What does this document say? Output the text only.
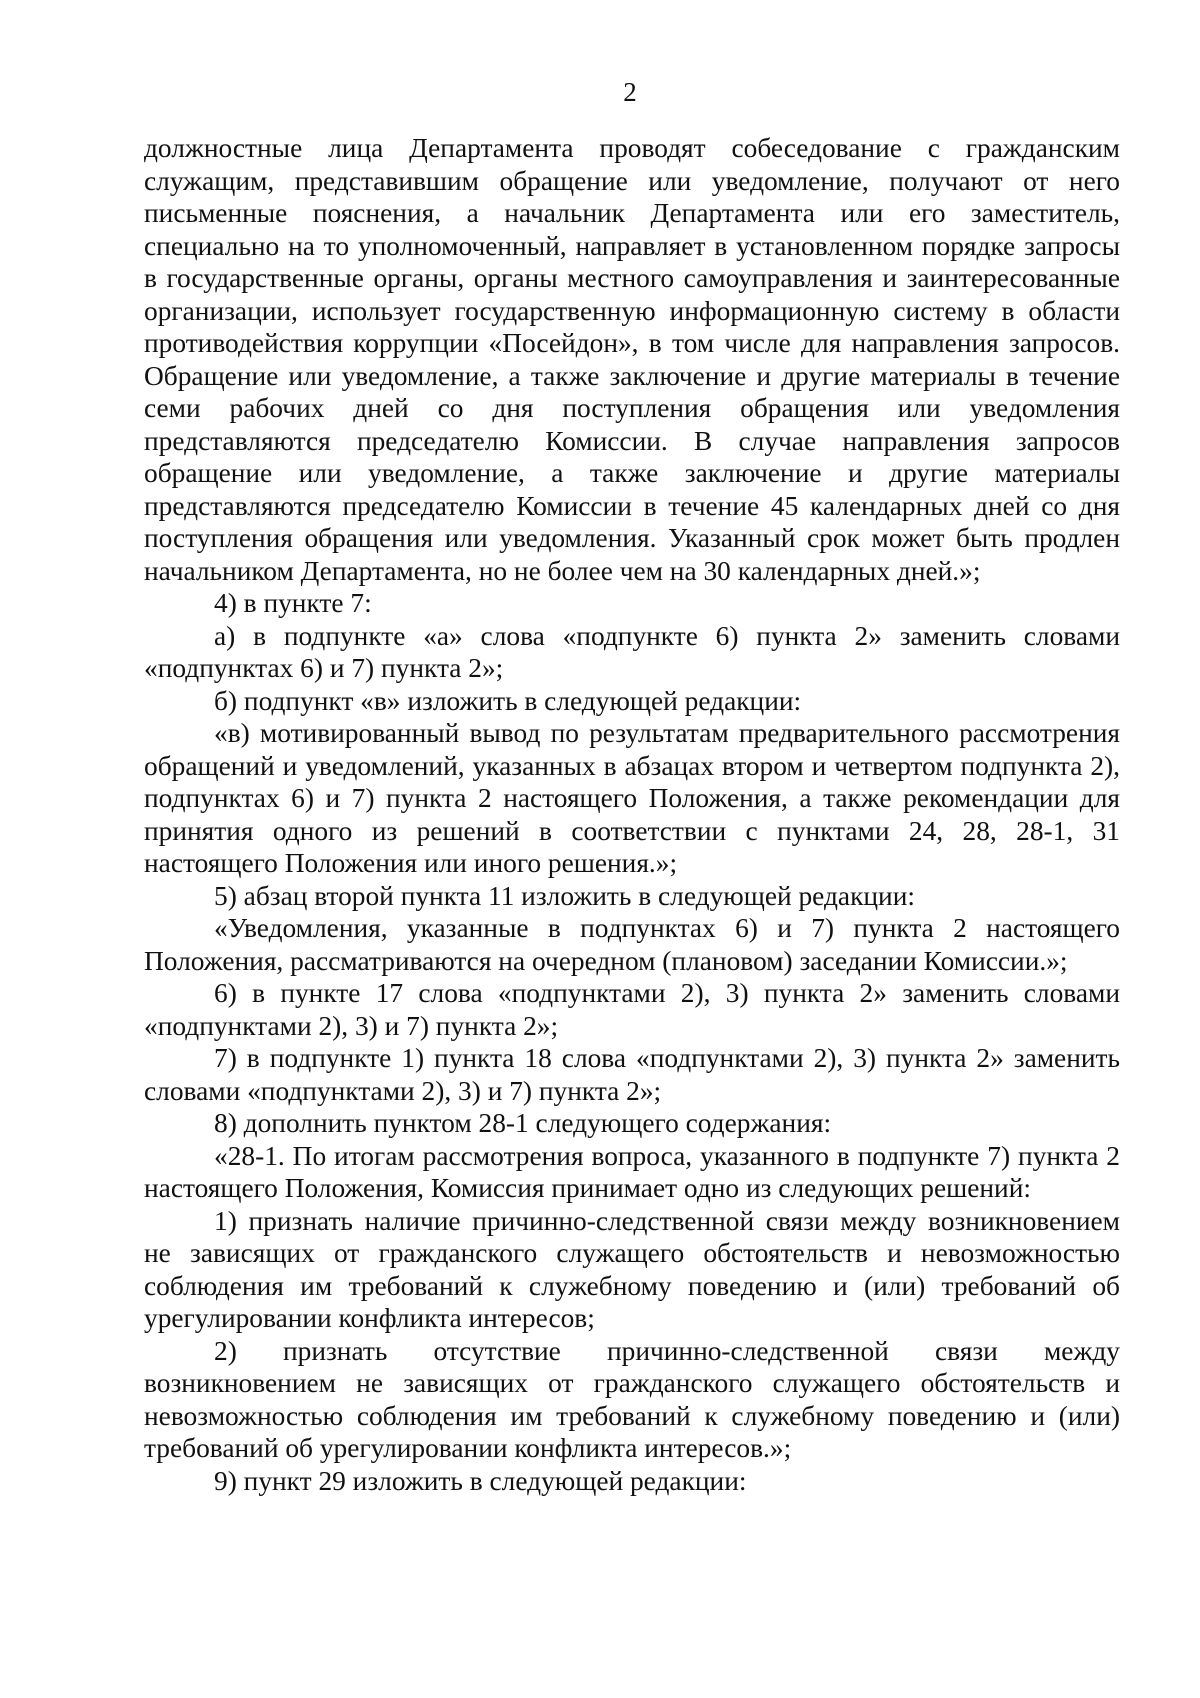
2

должностные лица Департамента проводят собеседование с гражданским служащим, представившим обращение или уведомление, получают от него письменные пояснения, а начальник Департамента или его заместитель, специально на то уполномоченный, направляет в установленном порядке запросы в государственные органы, органы местного самоуправления и заинтересованные организации, использует государственную информационную систему в области противодействия коррупции «Посейдон», в том числе для направления запросов. Обращение или уведомление, а также заключение и другие материалы в течение семи рабочих дней со дня поступления обращения или уведомления представляются председателю Комиссии. В случае направления запросов обращение или уведомление, а также заключение и другие материалы представляются председателю Комиссии в течение 45 календарных дней со дня поступления обращения или уведомления. Указанный срок может быть продлен начальником Департамента, но не более чем на 30 календарных дней.»;

4) в пункте 7:

а) в подпункте «а» слова «подпункте 6) пункта 2» заменить словами «подпунктах 6) и 7) пункта 2»;

б) подпункт «в» изложить в следующей редакции:

«в) мотивированный вывод по результатам предварительного рассмотрения обращений и уведомлений, указанных в абзацах втором и четвертом подпункта 2), подпунктах 6) и 7) пункта 2 настоящего Положения, а также рекомендации для принятия одного из решений в соответствии с пунктами 24, 28, 28-1, 31 настоящего Положения или иного решения.»;

5) абзац второй пункта 11 изложить в следующей редакции:

«Уведомления, указанные в подпунктах 6) и 7) пункта 2 настоящего Положения, рассматриваются на очередном (плановом) заседании Комиссии.»;

6) в пункте 17 слова «подпунктами 2), 3) пункта 2» заменить словами «подпунктами 2), 3) и 7) пункта 2»;

7) в подпункте 1) пункта 18 слова «подпунктами 2), 3) пункта 2» заменить словами «подпунктами 2), 3) и 7) пункта 2»;

8) дополнить пунктом 28-1 следующего содержания:

«28-1. По итогам рассмотрения вопроса, указанного в подпункте 7) пункта 2 настоящего Положения, Комиссия принимает одно из следующих решений:

1) признать наличие причинно-следственной связи между возникновением не зависящих от гражданского служащего обстоятельств и невозможностью соблюдения им требований к служебному поведению и (или) требований об урегулировании конфликта интересов;

2) признать отсутствие причинно-следственной связи между возникновением не зависящих от гражданского служащего обстоятельств и невозможностью соблюдения им требований к служебному поведению и (или) требований об урегулировании конфликта интересов.»;

9) пункт 29 изложить в следующей редакции:
